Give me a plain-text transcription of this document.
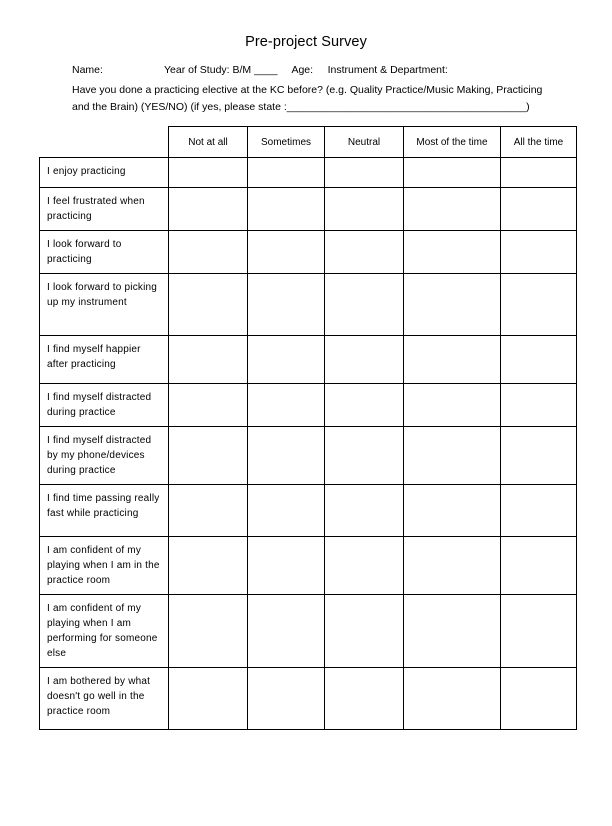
Pre-project Survey
Name:                     Year of Study: B/M ____     Age:     Instrument & Department:
Have you done a practicing elective at the KC before? (e.g. Quality Practice/Music Making, Practicing
and the Brain) (YES/NO) (if yes, please state :_________________________________________)
	Not at all	Sometimes	Neutral	Most of the time	All the time
I enjoy practicing					
I feel frustrated when practicing					
I look forward to practicing					
I look forward to picking up my instrument					
I find myself happier after practicing					
I find myself distracted during practice					
I find myself distracted by my phone/devices during practice					
I find time passing really fast while practicing					
I am confident of my playing when I am in the practice room					
I am confident of my playing when I am performing for someone else					
I am bothered by what doesn't go well in the practice room					
